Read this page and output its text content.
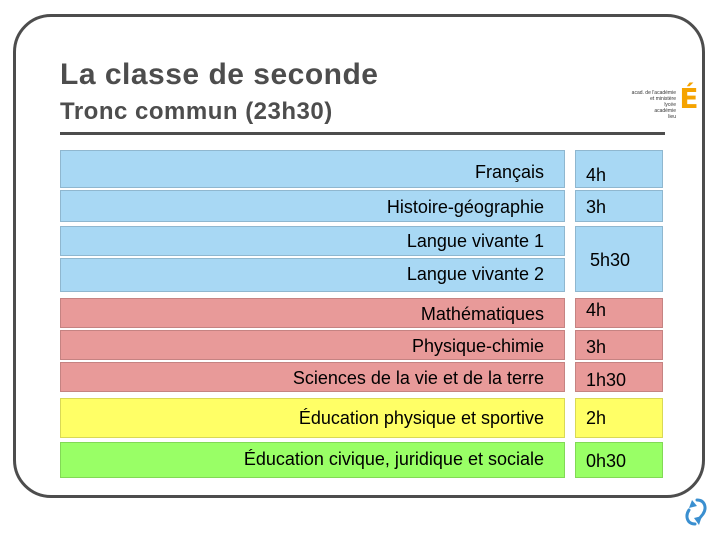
La classe de seconde
Tronc commun (23h30)
acad. de l'académie
et ministère
lycée
académie
lieu
É
Français 4h
Histoire-géographie 3h
Langue vivante 1
Langue vivante 2
5h30
Mathématiques 4h
Physique-chimie 3h
Sciences de la vie et de la terre 1h30
Éducation physique et sportive 2h
Éducation civique, juridique et sociale 0h30
